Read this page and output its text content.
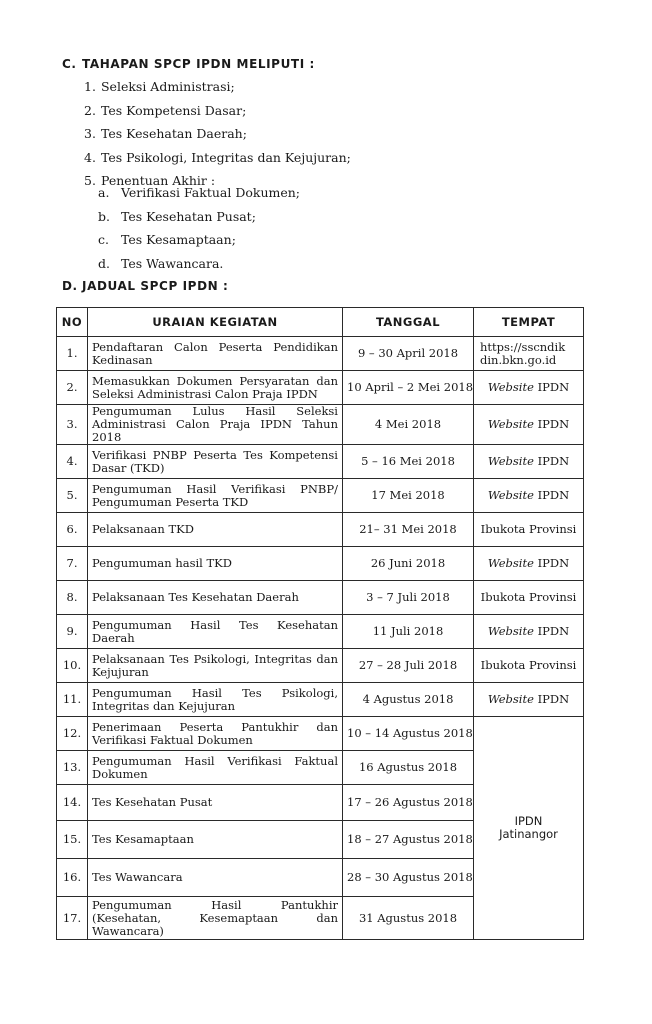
C. TAHAPAN SPCP IPDN MELIPUTI :
1. Seleksi Administrasi;
2. Tes Kompetensi Dasar;
3. Tes Kesehatan Daerah;
4. Tes Psikologi, Integritas dan Kejujuran;
5. Penentuan Akhir :
a. Verifikasi Faktual Dokumen;
b. Tes Kesehatan Pusat;
c. Tes Kesamaptaan;
d. Tes Wawancara.
D. JADUAL SPCP IPDN :
NO	URAIAN KEGIATAN	TANGGAL	TEMPAT
1.	Pendaftaran Calon Peserta Pendidikan Kedinasan	9 – 30 April 2018	https://sscndik
din.bkn.go.id

2.	Memasukkan Dokumen Persyaratan dan Seleksi Administrasi Calon Praja IPDN	10 April – 2 Mei 2018	Website IPDN
3.	Pengumuman Lulus Hasil Seleksi Administrasi Calon Praja IPDN Tahun 2018	4 Mei 2018	Website IPDN
4.	Verifikasi PNBP Peserta Tes Kompetensi Dasar (TKD)	5 – 16 Mei 2018	Website IPDN
5.	Pengumuman Hasil Verifikasi PNBP/ Pengumuman Peserta TKD	17 Mei 2018	Website IPDN
6.	Pelaksanaan TKD	21– 31 Mei 2018	Ibukota Provinsi
7.	Pengumuman hasil TKD	26 Juni 2018	Website IPDN
8.	Pelaksanaan Tes Kesehatan Daerah	3 – 7 Juli 2018	Ibukota Provinsi
9.	Pengumuman Hasil Tes Kesehatan Daerah	11 Juli 2018	Website IPDN
10.	Pelaksanaan Tes Psikologi, Integritas dan Kejujuran	27 – 28 Juli 2018	Ibukota Provinsi
11.	Pengumuman Hasil Tes Psikologi, Integritas dan Kejujuran	4 Agustus 2018	Website IPDN
12.	Penerimaan Peserta Pantukhir dan Verifikasi Faktual Dokumen	10 – 14 Agustus 2018	IPDN
Jatinangor

13.	Pengumuman Hasil Verifikasi Faktual Dokumen	16 Agustus 2018	
14.	Tes Kesehatan Pusat	17 – 26 Agustus 2018	
15.	Tes Kesamaptaan	18 – 27 Agustus 2018	
16.	Tes Wawancara	28 – 30 Agustus 2018	
17.	Pengumuman Hasil Pantukhir (Kesehatan, Kesemaptaan dan Wawancara)	31 Agustus 2018	
